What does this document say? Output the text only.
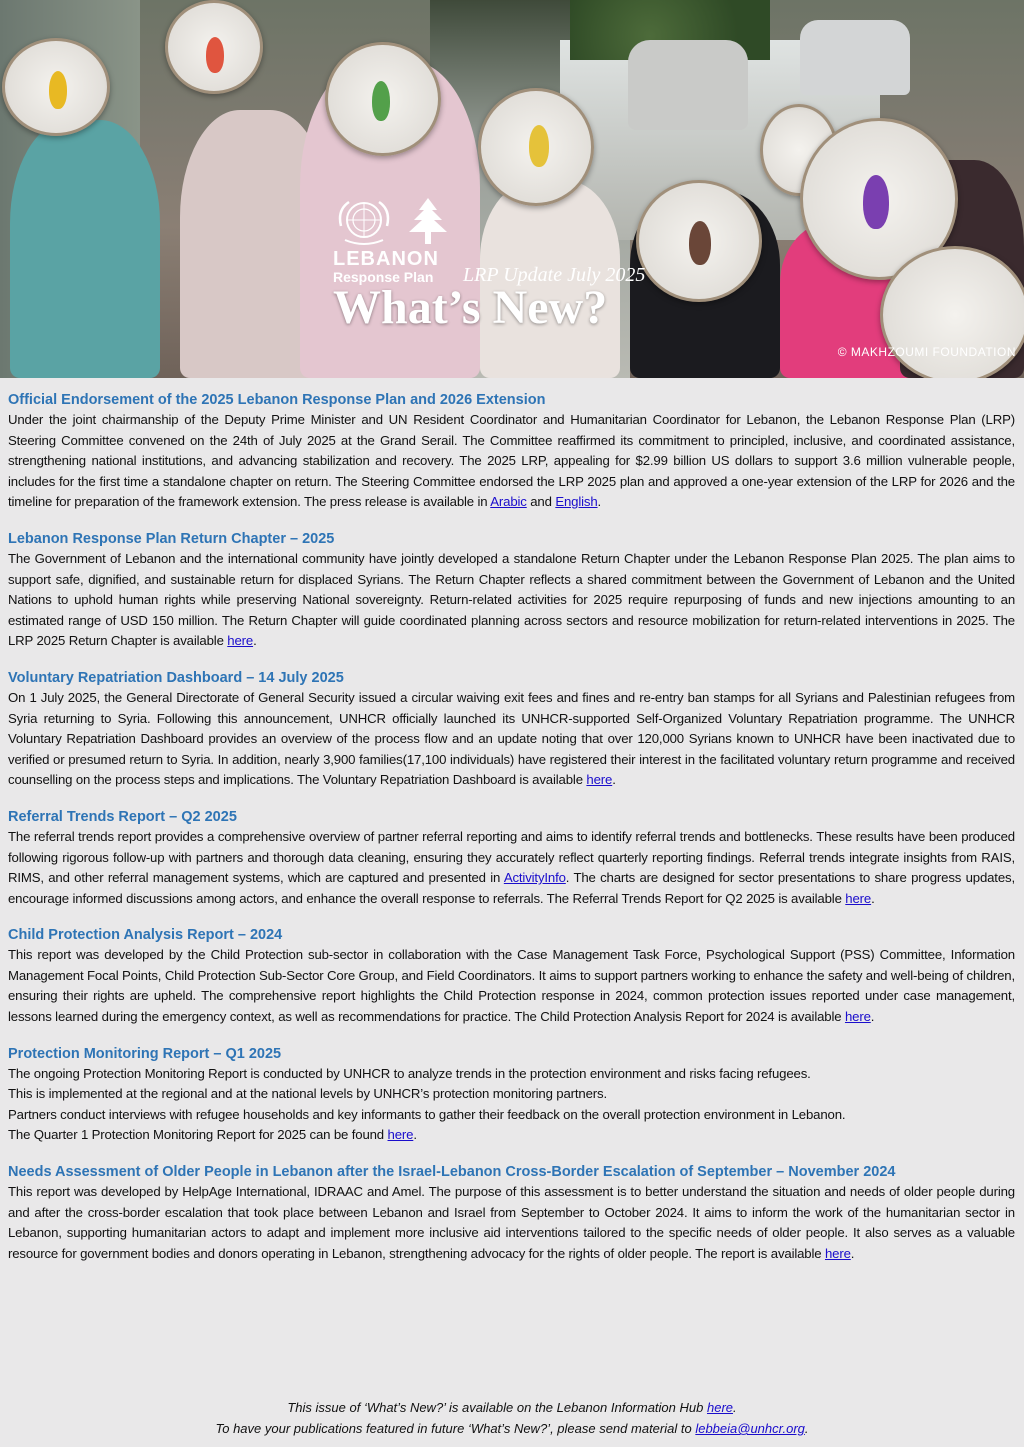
LEBANON
Response Plan LRP Update July 2025
What’s New?
© MAKHZOUMI FOUNDATION

Official Endorsement of the 2025 Lebanon Response Plan and 2026 Extension

Under the joint chairmanship of the Deputy Prime Minister and UN Resident Coordinator and Humanitarian Coordinator for Lebanon, the Lebanon Response Plan (LRP) Steering Committee convened on the 24th of July 2025 at the Grand Serail. The Committee reaffirmed its commitment to principled, inclusive, and coordinated assistance, strengthening national institutions, and advancing stabilization and recovery. The 2025 LRP, appealing for $2.99 billion US dollars to support 3.6 million vulnerable people, includes for the first time a standalone chapter on return. The Steering Committee endorsed the LRP 2025 plan and approved a one-year extension of the LRP for 2026 and the timeline for preparation of the framework extension. The press release is available in Arabic and English.

Lebanon Response Plan Return Chapter – 2025

The Government of Lebanon and the international community have jointly developed a standalone Return Chapter under the Lebanon Response Plan 2025. The plan aims to support safe, dignified, and sustainable return for displaced Syrians. The Return Chapter reflects a shared commitment between the Government of Lebanon and the United Nations to uphold human rights while preserving National sovereignty. Return-related activities for 2025 require repurposing of funds and new injections amounting to an estimated range of USD 150 million. The Return Chapter will guide coordinated planning across sectors and resource mobilization for return-related interventions in 2025. The LRP 2025 Return Chapter is available here.

Voluntary Repatriation Dashboard – 14 July 2025

On 1 July 2025, the General Directorate of General Security issued a circular waiving exit fees and fines and re-entry ban stamps for all Syrians and Palestinian refugees from Syria returning to Syria. Following this announcement, UNHCR officially launched its UNHCR-supported Self-Organized Voluntary Repatriation programme. The UNHCR Voluntary Repatriation Dashboard provides an overview of the process flow and an update noting that over 120,000 Syrians known to UNHCR have been inactivated due to verified or presumed return to Syria. In addition, nearly 3,900 families(17,100 individuals) have registered their interest in the facilitated voluntary return programme and received counselling on the process steps and implications. The Voluntary Repatriation Dashboard is available here.

Referral Trends Report – Q2 2025

The referral trends report provides a comprehensive overview of partner referral reporting and aims to identify referral trends and bottlenecks. These results have been produced following rigorous follow-up with partners and thorough data cleaning, ensuring they accurately reflect quarterly reporting findings. Referral trends integrate insights from RAIS, RIMS, and other referral management systems, which are captured and presented in ActivityInfo. The charts are designed for sector presentations to share progress updates, encourage informed discussions among actors, and enhance the overall response to referrals. The Referral Trends Report for Q2 2025 is available here.

Child Protection Analysis Report – 2024

This report was developed by the Child Protection sub-sector in collaboration with the Case Management Task Force, Psychological Support (PSS) Committee, Information Management Focal Points, Child Protection Sub-Sector Core Group, and Field Coordinators. It aims to support partners working to enhance the safety and well-being of children, ensuring their rights are upheld. The comprehensive report highlights the Child Protection response in 2024, common protection issues reported under case management, lessons learned during the emergency context, as well as recommendations for practice. The Child Protection Analysis Report for 2024 is available here.

Protection Monitoring Report – Q1 2025

The ongoing Protection Monitoring Report is conducted by UNHCR to analyze trends in the protection environment and risks facing refugees.
This is implemented at the regional and at the national levels by UNHCR’s protection monitoring partners.
Partners conduct interviews with refugee households and key informants to gather their feedback on the overall protection environment in Lebanon.
The Quarter 1 Protection Monitoring Report for 2025 can be found here.

Needs Assessment of Older People in Lebanon after the Israel-Lebanon Cross-Border Escalation of September – November 2024

This report was developed by HelpAge International, IDRAAC and Amel. The purpose of this assessment is to better understand the situation and needs of older people during and after the cross-border escalation that took place between Lebanon and Israel from September to October 2024. It aims to inform the work of the humanitarian sector in Lebanon, supporting humanitarian actors to adapt and implement more inclusive aid interventions tailored to the specific needs of older people. It also serves as a valuable resource for government bodies and donors operating in Lebanon, strengthening advocacy for the rights of older people. The report is available here.

This issue of ‘What’s New?’ is available on the Lebanon Information Hub here.
To have your publications featured in future ‘What’s New?’, please send material to lebbeia@unhcr.org.
